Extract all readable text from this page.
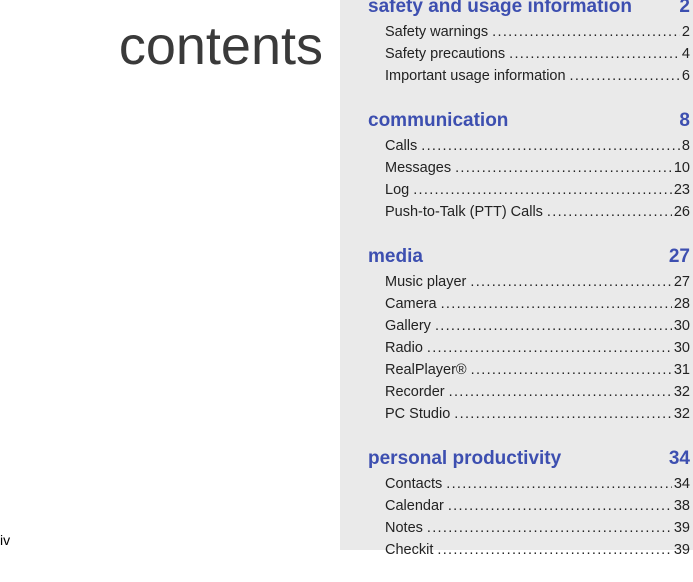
contents
iv
safety and usage information 2
Safety warnings .....	2
Safety precautions .....	4
Important usage information .....	6
communication	8
Calls .....	8
Messages .....	10
Log .....	23
Push-to-Talk (PTT) Calls .....	26
media	27
Music player .....	27
Camera .....	28
Gallery .....	30
Radio .....	30
RealPlayer® .....	31
Recorder .....	32
PC Studio .....	32
personal productivity	34
Contacts .....	34
Calendar .....	38
Notes .....	39
Checkit .....	39
